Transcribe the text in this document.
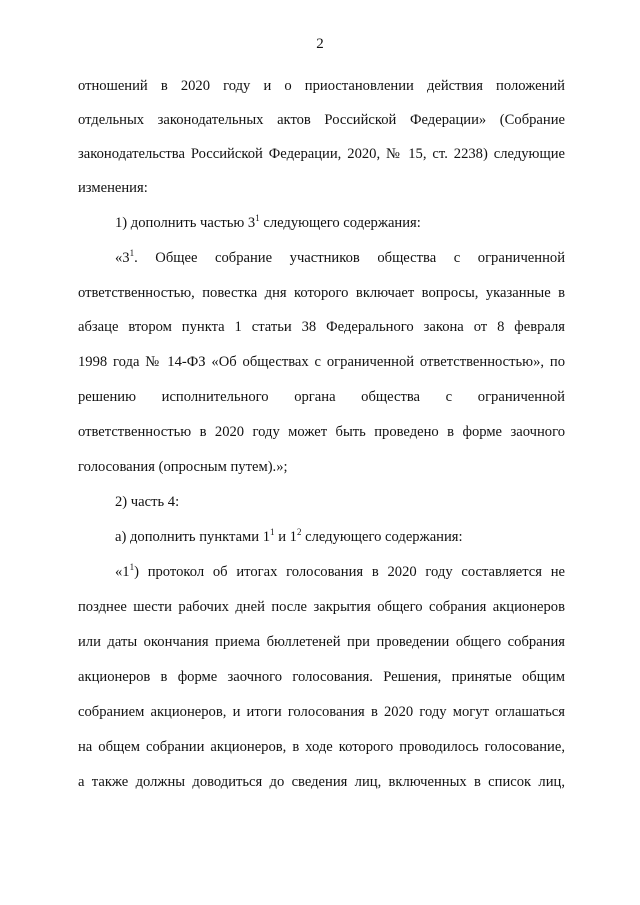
2
отношений в 2020 году и о приостановлении действия положений
отдельных законодательных актов Российской Федерации» (Собрание
законодательства Российской Федерации, 2020, № 15, ст. 2238) следующие
изменения:
1) дополнить частью $3^1$ следующего содержания:
«$3^1$. Общее собрание участников общества с ограниченной
ответственностью, повестка дня которого включает вопросы, указанные в
абзаце втором пункта 1 статьи 38 Федерального закона от 8 февраля
1998 года № 14-ФЗ «Об обществах с ограниченной ответственностью», по
решению исполнительного органа общества с ограниченной
ответственностью в 2020 году может быть проведено в форме заочного
голосования (опросным путем).»;
2) часть 4:
а) дополнить пунктами $1^1$ и $1^2$ следующего содержания:
«$1^1$) протокол об итогах голосования в 2020 году составляется не
позднее шести рабочих дней после закрытия общего собрания акционеров
или даты окончания приема бюллетеней при проведении общего собрания
акционеров в форме заочного голосования. Решения, принятые общим
собранием акционеров, и итоги голосования в 2020 году могут оглашаться
на общем собрании акционеров, в ходе которого проводилось голосование,
а также должны доводиться до сведения лиц, включенных в список лиц,
